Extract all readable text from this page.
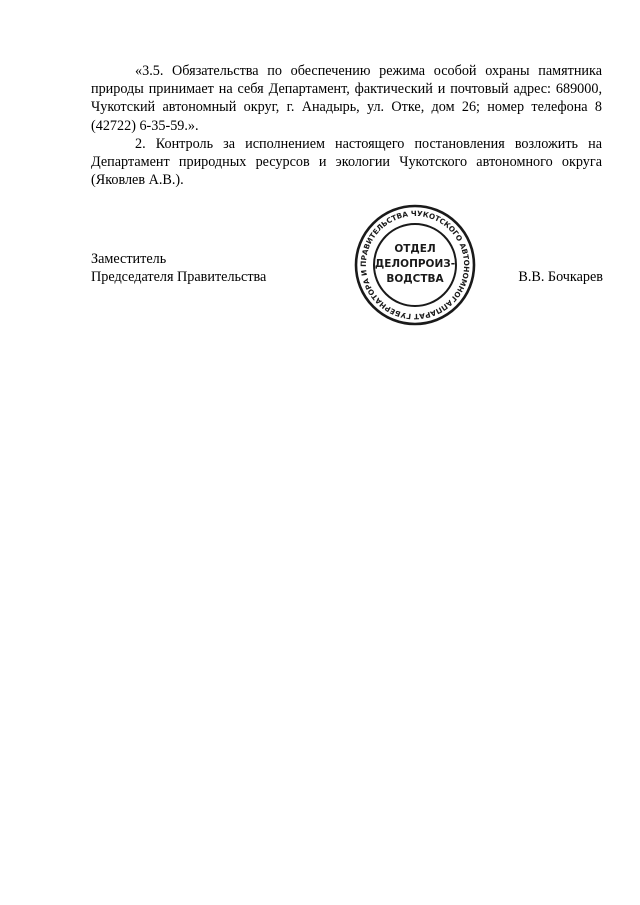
«3.5. Обязательства по обеспечению режима особой охраны памятника природы принимает на себя Департамент, фактический и почтовый адрес: 689000, Чукотский автономный округ, г. Анадырь, ул. Отке, дом 26; номер телефона 8 (42722) 6-35-59.».

2. Контроль за исполнением настоящего постановления возложить на Департамент природных ресурсов и экологии Чукотского автономного округа (Яковлев А.В.).

Заместитель
Председателя Правительства	В.В. Бочкарев
АППАРАТ ГУБЕРНАТОРА И ПРАВИТЕЛЬСТВА ЧУКОТСКОГО АВТОНОМНОГО
ОТДЕЛ
ДЕЛОПРОИЗ-
ВОДСТВА
